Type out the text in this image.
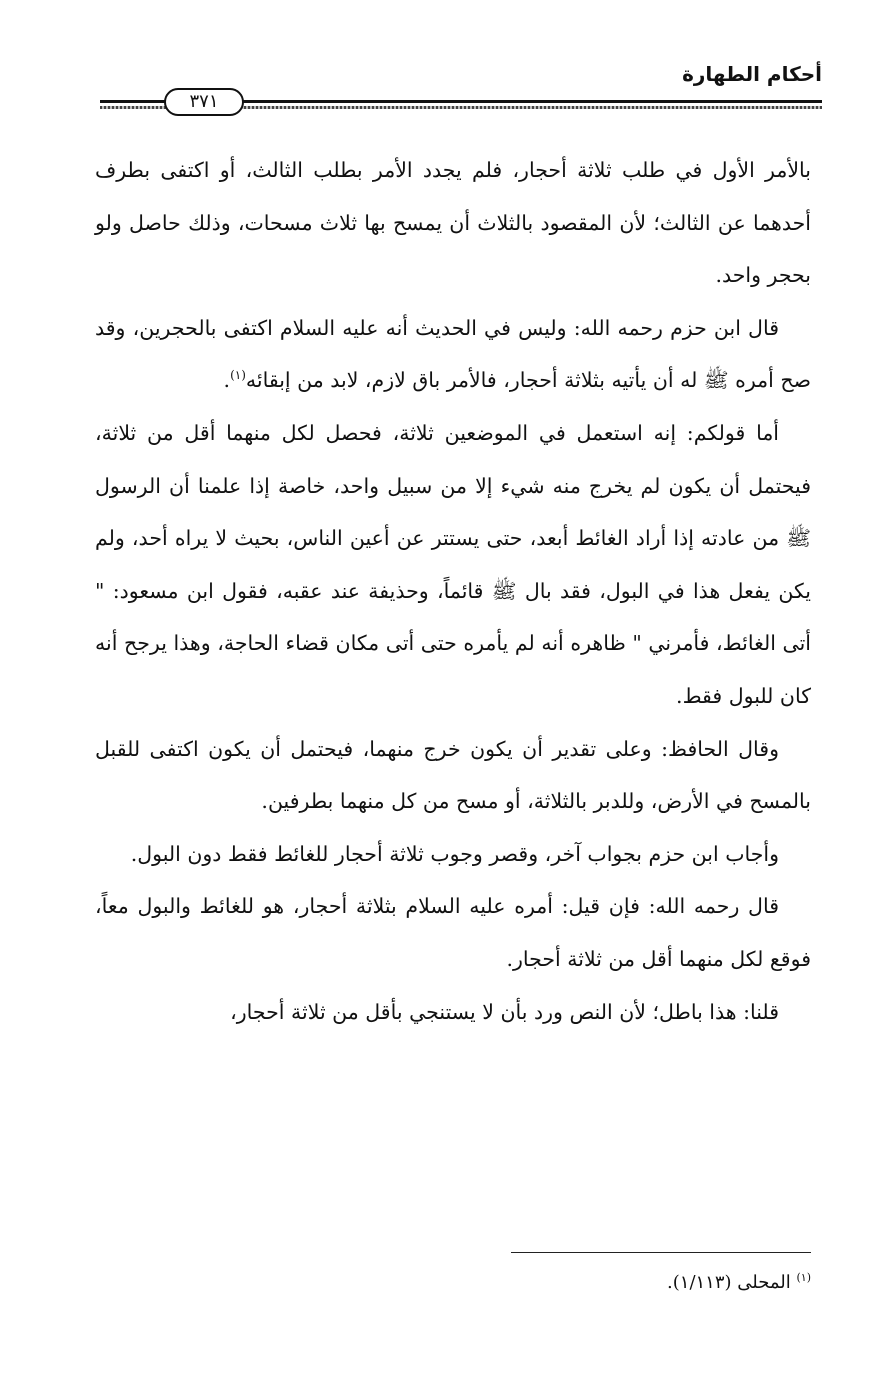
أحكام الطهارة
٣٧١

بالأمر الأول في طلب ثلاثة أحجار، فلم يجدد الأمر بطلب الثالث، أو اكتفى بطرف أحدهما عن الثالث؛ لأن المقصود بالثلاث أن يمسح بها ثلاث مسحات، وذلك حاصل ولو بحجر واحد.

قال ابن حزم رحمه الله: وليس في الحديث أنه عليه السلام اكتفى بالحجرين، وقد صح أمره ﷺ له أن يأتيه بثلاثة أحجار، فالأمر باق لازم، لابد من إبقائه$^{(١)}$.

أما قولكم: إنه استعمل في الموضعين ثلاثة، فحصل لكل منهما أقل من ثلاثة، فيحتمل أن يكون لم يخرج منه شيء إلا من سبيل واحد، خاصة إذا علمنا أن الرسول ﷺ من عادته إذا أراد الغائط أبعد، حتى يستتر عن أعين الناس، بحيث لا يراه أحد، ولم يكن يفعل هذا في البول، فقد بال ﷺ قائماً، وحذيفة عند عقبه، فقول ابن مسعود: " أتى الغائط، فأمرني " ظاهره أنه لم يأمره حتى أتى مكان قضاء الحاجة، وهذا يرجح أنه كان للبول فقط.

وقال الحافظ: وعلى تقدير أن يكون خرج منهما، فيحتمل أن يكون اكتفى للقبل بالمسح في الأرض، وللدبر بالثلاثة، أو مسح من كل منهما بطرفين.

وأجاب ابن حزم بجواب آخر، وقصر وجوب ثلاثة أحجار للغائط فقط دون البول.

قال رحمه الله: فإن قيل: أمره عليه السلام بثلاثة أحجار، هو للغائط والبول معاً، فوقع لكل منهما أقل من ثلاثة أحجار.

قلنا: هذا باطل؛ لأن النص ورد بأن لا يستنجي بأقل من ثلاثة أحجار،

$^{(١)}$ المحلى (١/١١٣).
